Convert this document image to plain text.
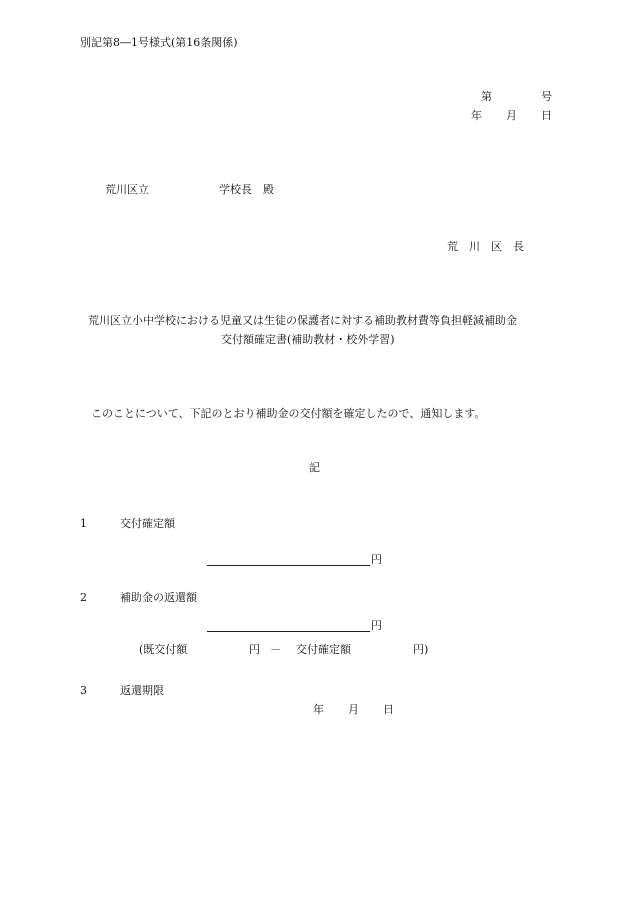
別記第8―1号様式(第16条関係)
第	号
年 月 日
荒川区立	学校長 殿
荒　川　区　長
荒川区立小中学校における児童又は生徒の保護者に対する補助教材費等負担軽減補助金
交付額確定書(補助教材・校外学習)
このことについて、下記のとおり補助金の交付額を確定したので、通知します。
記
1	交付確定額
円
2	補助金の返還額
円
(既交付額	円 － 交付確定額	円)
3	返還期限
年 月 日
